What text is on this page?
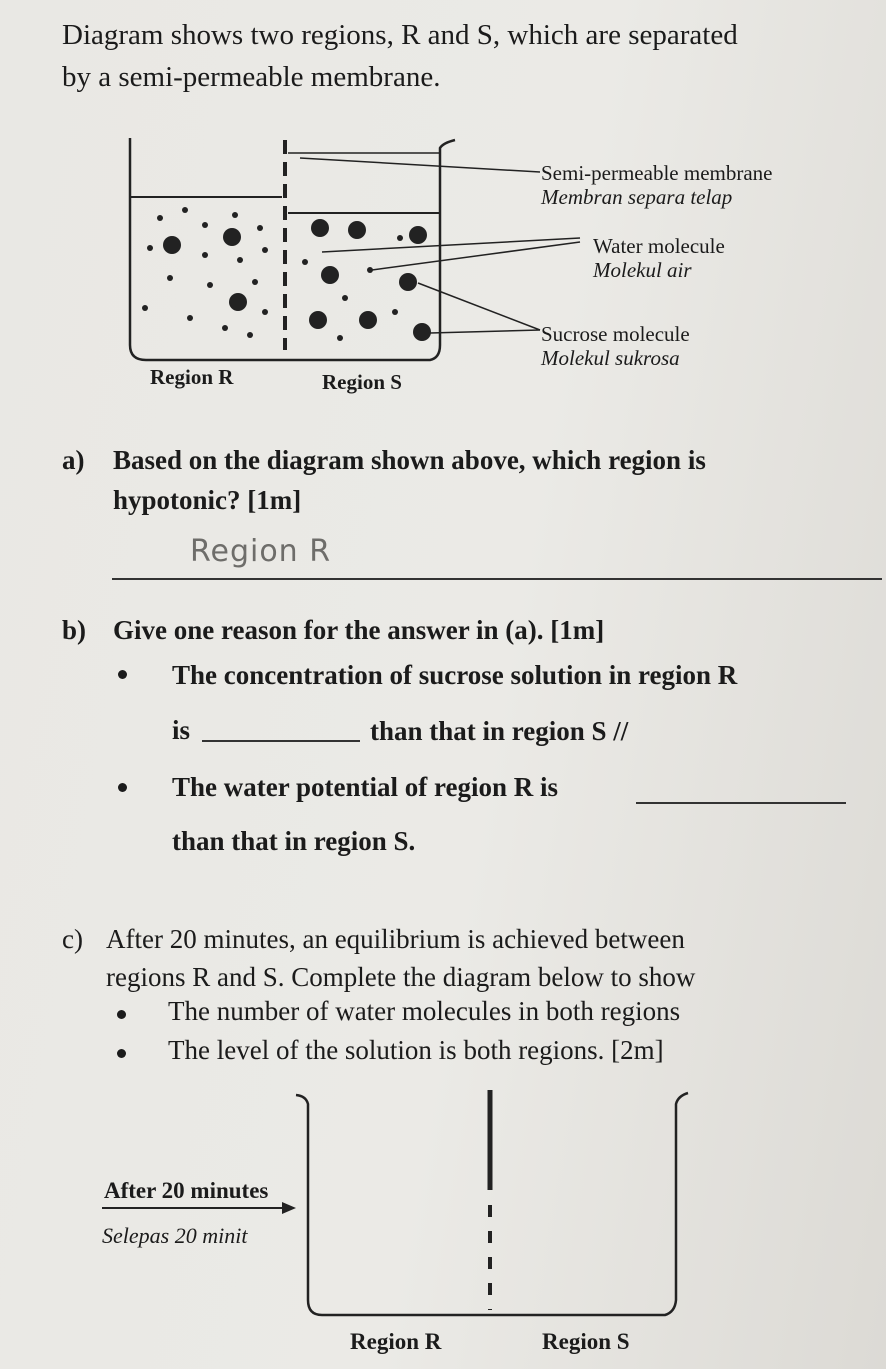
Diagram shows two regions, R and S, which are separated
by a semi-permeable membrane.
Semi-permeable membrane
Membran separa telap
Water molecule
Molekul air
Sucrose molecule
Molekul sukrosa
Region R	Region S
a) Based on the diagram shown above, which region is
hypotonic? [1m]
Region R
b) Give one reason for the answer in (a). [1m]
The concentration of sucrose solution in region R
is	than that in region S //
The water potential of region R is
than that in region S.
c) After 20 minutes, an equilibrium is achieved between
regions R and S. Complete the diagram below to show
The number of water molecules in both regions
The level of the solution is both regions. [2m]
After 20 minutes
Selepas 20 minit
Region R	Region S
